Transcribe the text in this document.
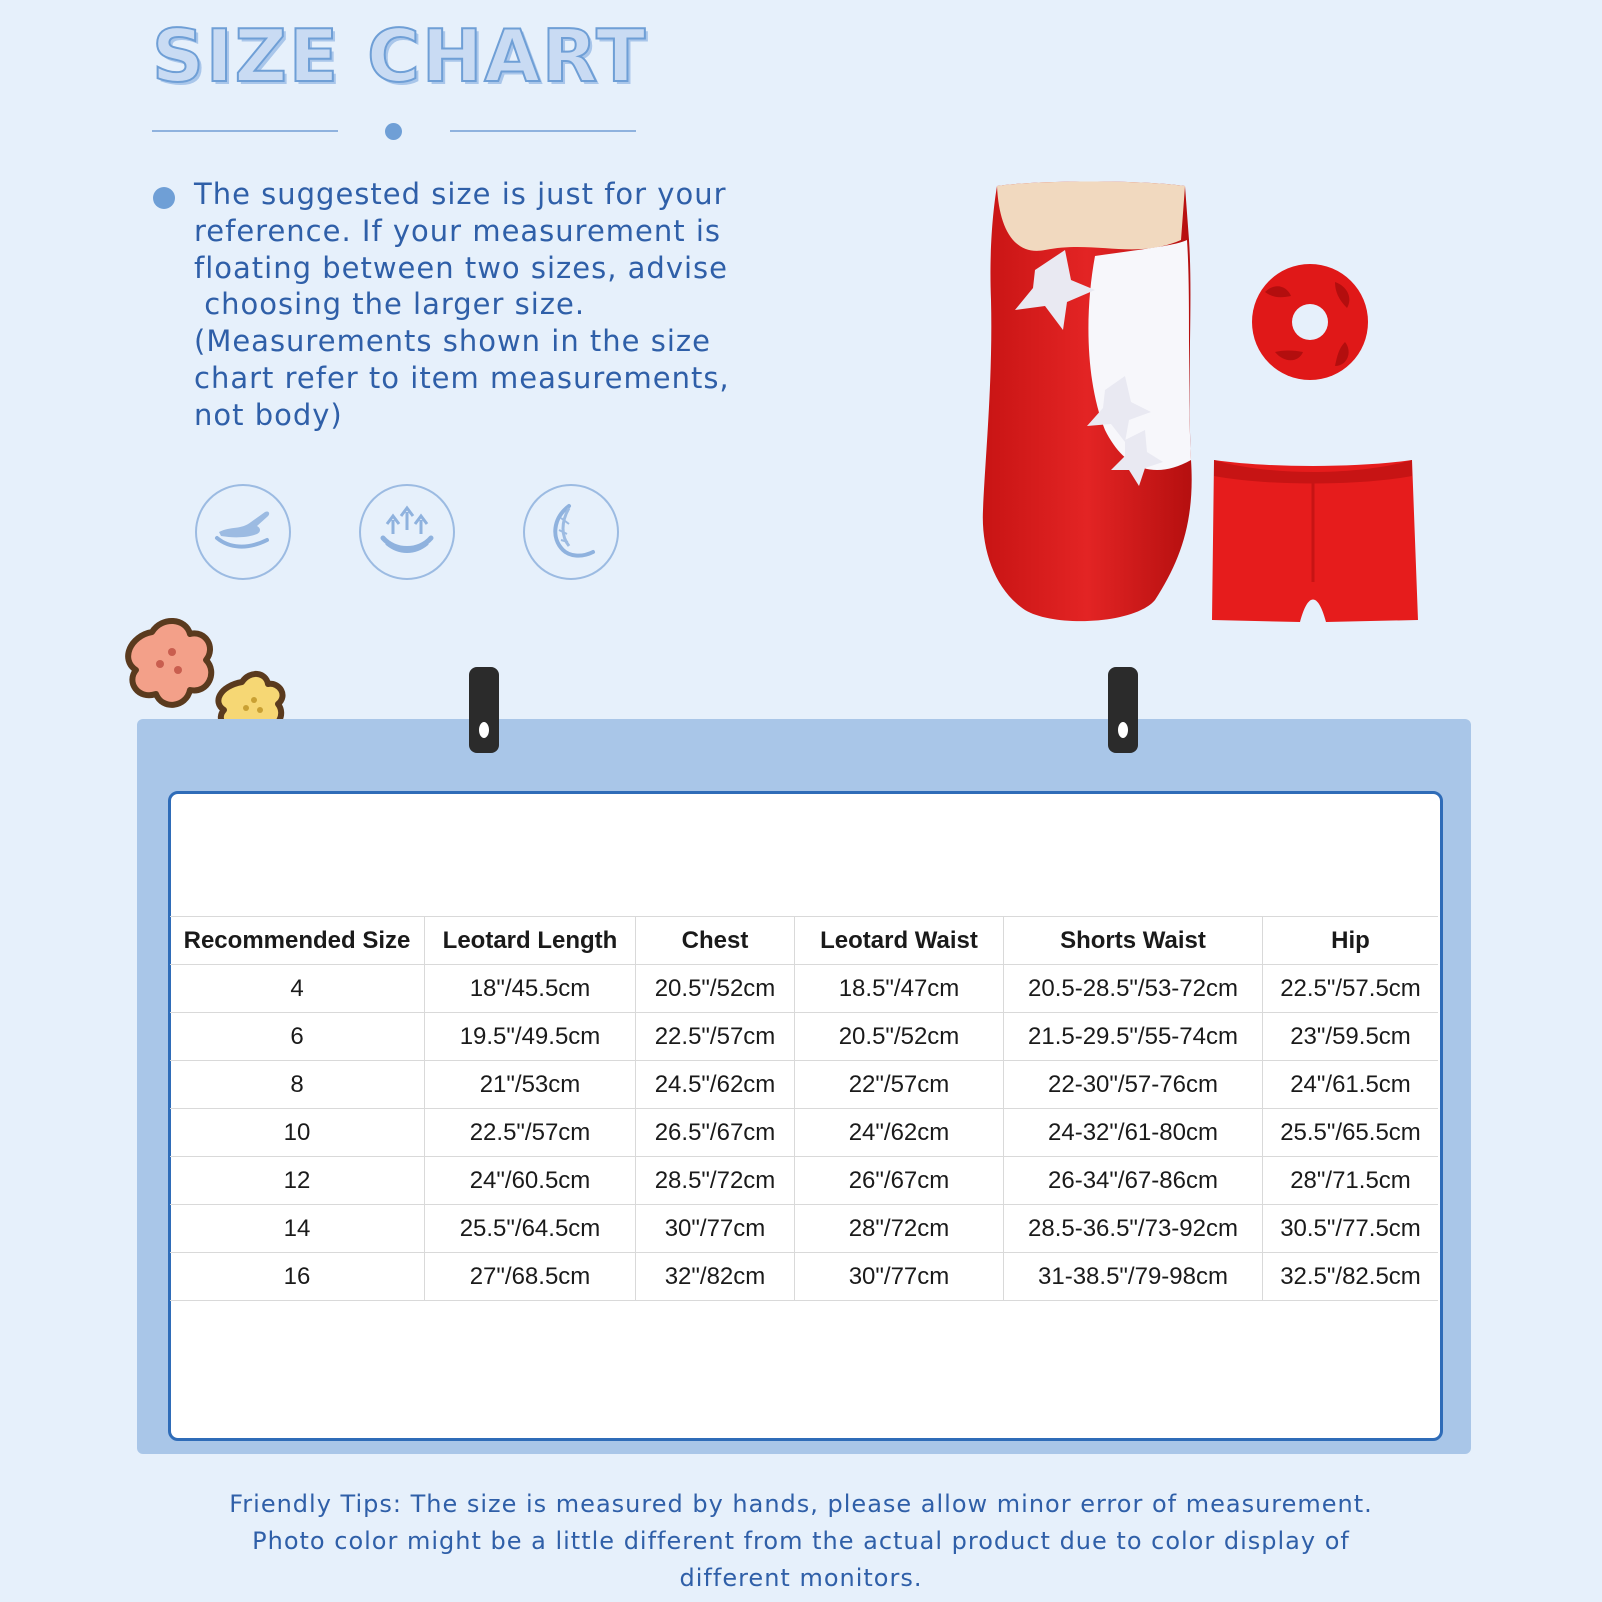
SIZE CHART

The suggested size is just for your

reference. If your measurement is

floating between two sizes, advise

choosing the larger size.

(Measurements shown in the size

chart refer to item measurements,

not body)

Recommended Size	Leotard Length	Chest	Leotard Waist	Shorts Waist	Hip
4	18"/45.5cm	20.5"/52cm	18.5"/47cm	20.5-28.5"/53-72cm	22.5"/57.5cm
6	19.5"/49.5cm	22.5"/57cm	20.5"/52cm	21.5-29.5"/55-74cm	23"/59.5cm
8	21"/53cm	24.5"/62cm	22"/57cm	22-30"/57-76cm	24"/61.5cm
10	22.5"/57cm	26.5"/67cm	24"/62cm	24-32"/61-80cm	25.5"/65.5cm
12	24"/60.5cm	28.5"/72cm	26"/67cm	26-34"/67-86cm	28"/71.5cm
14	25.5"/64.5cm	30"/77cm	28"/72cm	28.5-36.5"/73-92cm	30.5"/77.5cm
16	27"/68.5cm	32"/82cm	30"/77cm	31-38.5"/79-98cm	32.5"/82.5cm

Friendly Tips: The size is measured by hands, please allow minor error of measurement.

Photo color might be a little different from the actual product due to color display of

different monitors.
